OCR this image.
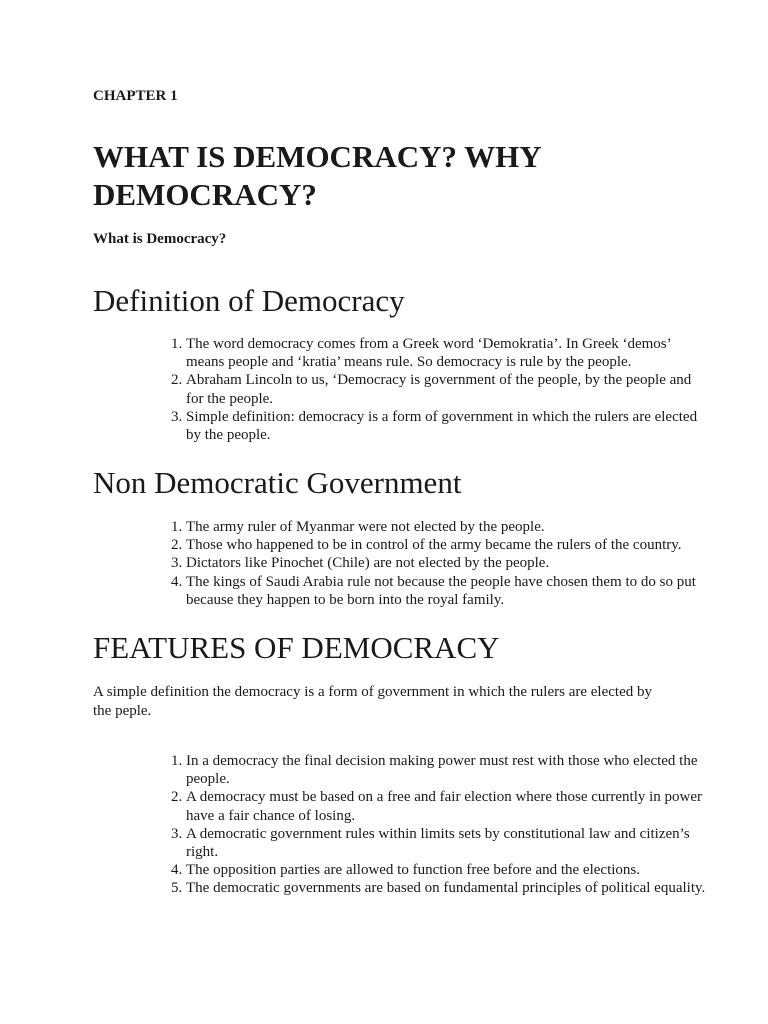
CHAPTER 1

WHAT IS DEMOCRACY? WHY DEMOCRACY?

What is Democracy?

Definition of Democracy
1. The word democracy comes from a Greek word ‘Demokratia’. In Greek ‘demos’ means people and ‘kratia’ means rule. So democracy is rule by the people.
2. Abraham Lincoln to us, ‘Democracy is government of the people, by the people and for the people.
3. Simple definition: democracy is a form of government in which the rulers are elected by the people.
Non Democratic Government
1. The army ruler of Myanmar were not elected by the people.
2. Those who happened to be in control of the army became the rulers of the country.
3. Dictators like Pinochet (Chile) are not elected by the people.
4. The kings of Saudi Arabia rule not because the people have chosen them to do so put because they happen to be born into the royal family.
FEATURES OF DEMOCRACY

A simple definition the democracy is a form of government in which the rulers are elected by the peple.

1. In a democracy the final decision making power must rest with those who elected the people.
2. A democracy must be based on a free and fair election where those currently in power have a fair chance of losing.
3. A democratic government rules within limits sets by constitutional law and citizen’s right.
4. The opposition parties are allowed to function free before and the elections.
5. The democratic governments are based on fundamental principles of political equality.
